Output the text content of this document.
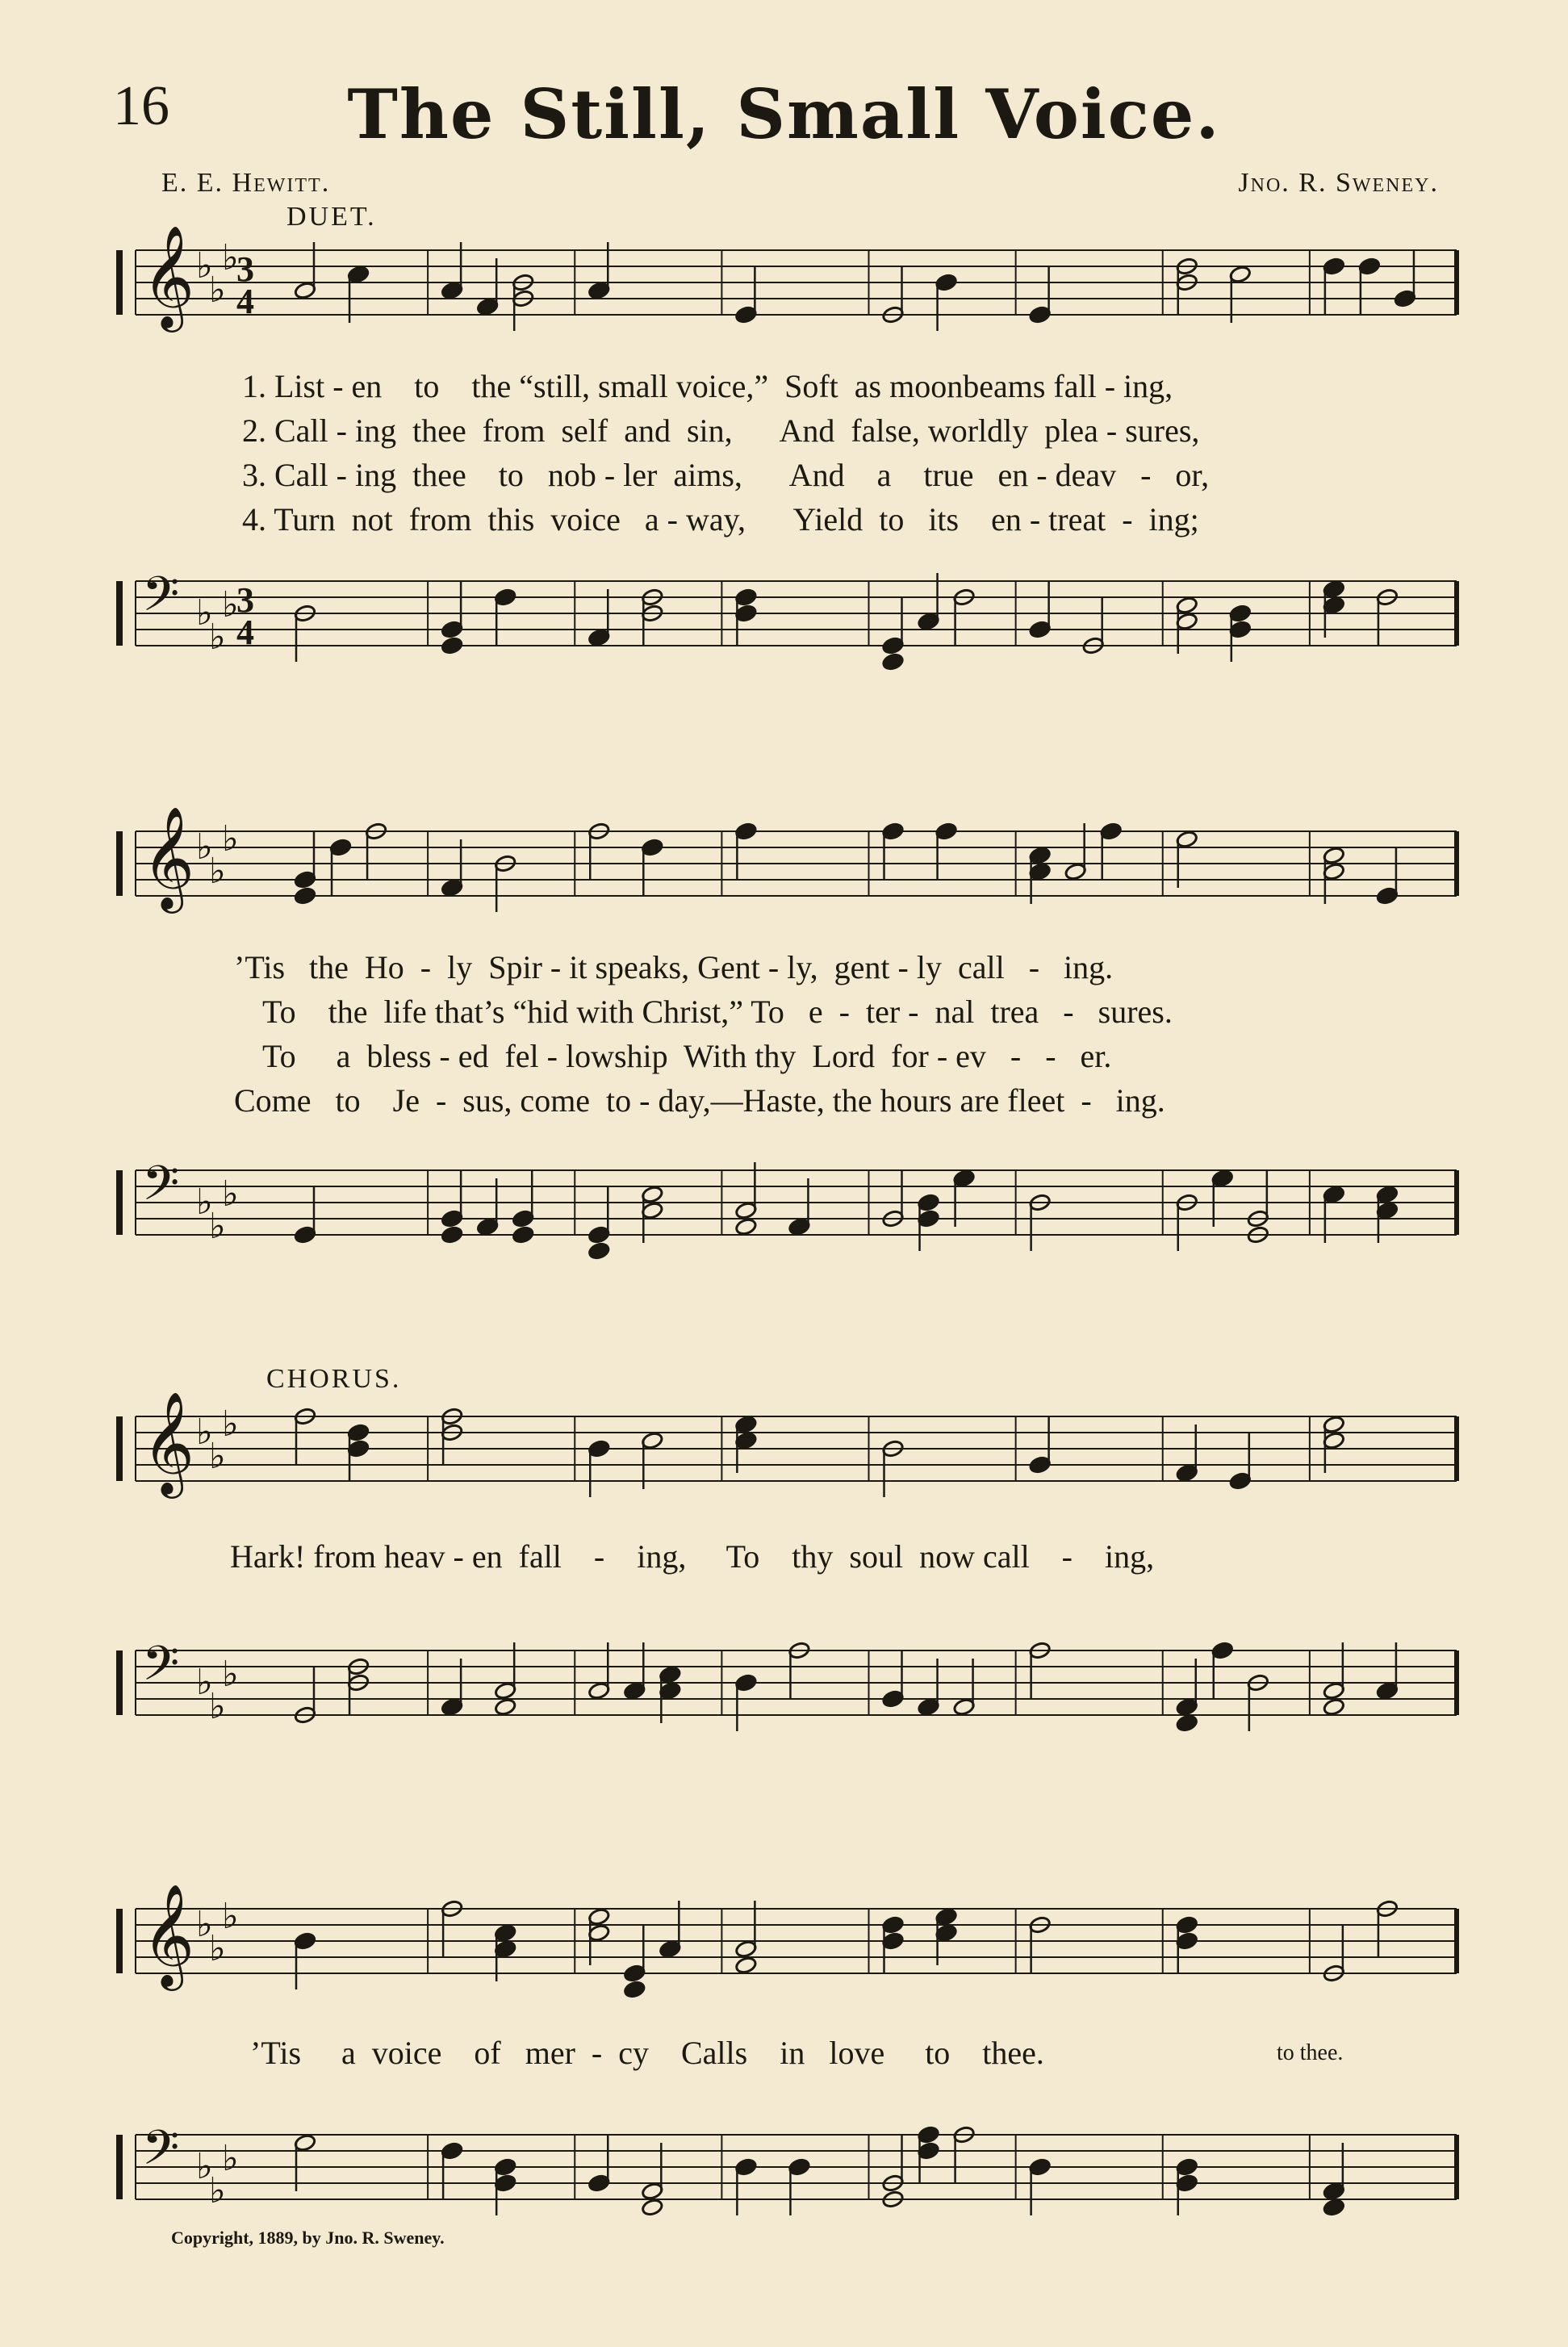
16	The Still, Small Voice.
E. E. Hewitt.	Jno. R. Sweney.
DUET.
CHORUS.
𝄞 ♭
♭
♭
3
4
1. List - en    to    the “still, small voice,”  Soft  as moonbeams fall - ing,
2. Call - ing  thee  from  self  and  sin,      And  false, worldly  plea - sures,
3. Call - ing  thee    to   nob - ler  aims,      And    a    true   en - deav   -   or,
4. Turn  not  from  this  voice   a - way,      Yield  to   its    en - treat  -  ing;
𝄢 ♭
♭
♭
3
4
𝄞 ♭
♭
♭
’Tis   the  Ho  -  ly  Spir - it speaks, Gent - ly,  gent - ly  call   -   ing.
To    the  life that’s “hid with Christ,” To   e  -  ter -  nal  trea   -   sures.
To     a  bless - ed  fel - lowship  With thy  Lord  for - ev   -   -   er.
Come   to    Je  -  sus, come  to - day,—Haste, the hours are fleet  -   ing.
𝄢 ♭
♭
♭
𝄞 ♭
♭
♭
Hark! from heav - en  fall    -    ing,     To    thy  soul  now call    -    ing,
𝄢 ♭
♭
♭
𝄞 ♭
♭
♭
’Tis     a  voice    of   mer  -  cy    Calls    in   love     to    thee.	to thee.
𝄢 ♭
♭
♭
Copyright, 1889, by Jno. R. Sweney.
